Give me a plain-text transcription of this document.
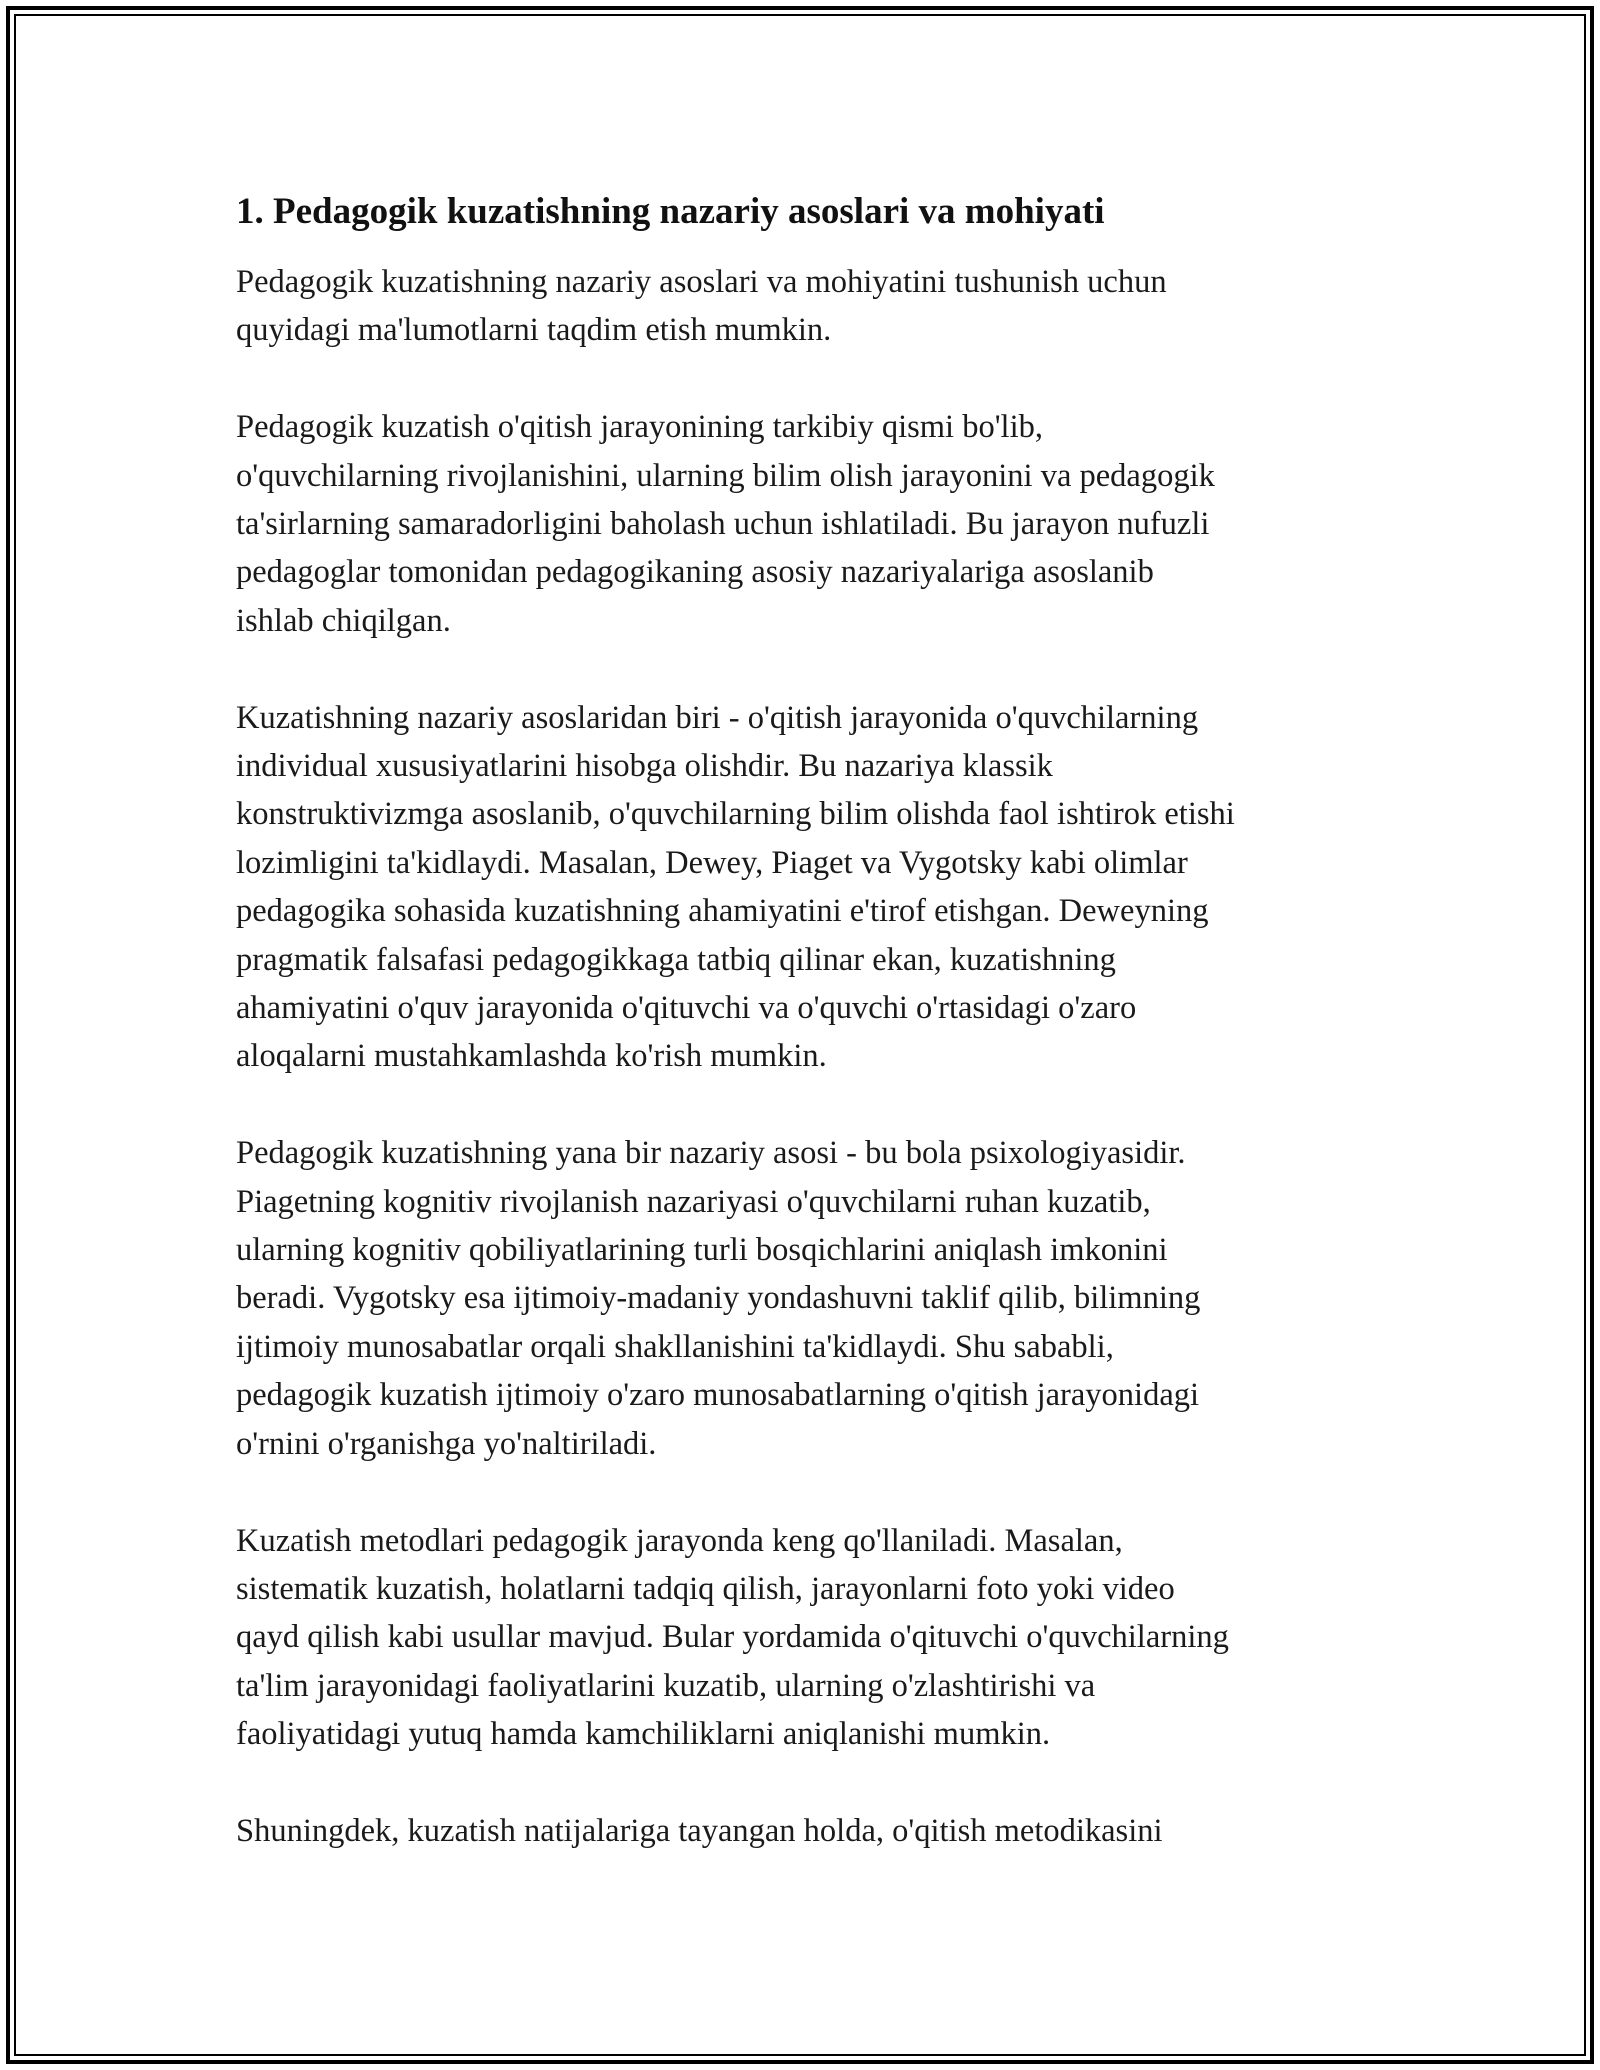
1. Pedagogik kuzatishning nazariy asoslari va mohiyati

Pedagogik kuzatishning nazariy asoslari va mohiyatini tushunish uchun
quyidagi ma'lumotlarni taqdim etish mumkin.

Pedagogik kuzatish o'qitish jarayonining tarkibiy qismi bo'lib,
o'quvchilarning rivojlanishini, ularning bilim olish jarayonini va pedagogik
ta'sirlarning samaradorligini baholash uchun ishlatiladi. Bu jarayon nufuzli
pedagoglar tomonidan pedagogikaning asosiy nazariyalariga asoslanib
ishlab chiqilgan.

Kuzatishning nazariy asoslaridan biri - o'qitish jarayonida o'quvchilarning
individual xususiyatlarini hisobga olishdir. Bu nazariya klassik
konstruktivizmga asoslanib, o'quvchilarning bilim olishda faol ishtirok etishi
lozimligini ta'kidlaydi. Masalan, Dewey, Piaget va Vygotsky kabi olimlar
pedagogika sohasida kuzatishning ahamiyatini e'tirof etishgan. Deweyning
pragmatik falsafasi pedagogikkaga tatbiq qilinar ekan, kuzatishning
ahamiyatini o'quv jarayonida o'qituvchi va o'quvchi o'rtasidagi o'zaro
aloqalarni mustahkamlashda ko'rish mumkin.

Pedagogik kuzatishning yana bir nazariy asosi - bu bola psixologiyasidir.
Piagetning kognitiv rivojlanish nazariyasi o'quvchilarni ruhan kuzatib,
ularning kognitiv qobiliyatlarining turli bosqichlarini aniqlash imkonini
beradi. Vygotsky esa ijtimoiy-madaniy yondashuvni taklif qilib, bilimning
ijtimoiy munosabatlar orqali shakllanishini ta'kidlaydi. Shu sababli,
pedagogik kuzatish ijtimoiy o'zaro munosabatlarning o'qitish jarayonidagi
o'rnini o'rganishga yo'naltiriladi.

Kuzatish metodlari pedagogik jarayonda keng qo'llaniladi. Masalan,
sistematik kuzatish, holatlarni tadqiq qilish, jarayonlarni foto yoki video
qayd qilish kabi usullar mavjud. Bular yordamida o'qituvchi o'quvchilarning
ta'lim jarayonidagi faoliyatlarini kuzatib, ularning o'zlashtirishi va
faoliyatidagi yutuq hamda kamchiliklarni aniqlanishi mumkin.

Shuningdek, kuzatish natijalariga tayangan holda, o'qitish metodikasini
